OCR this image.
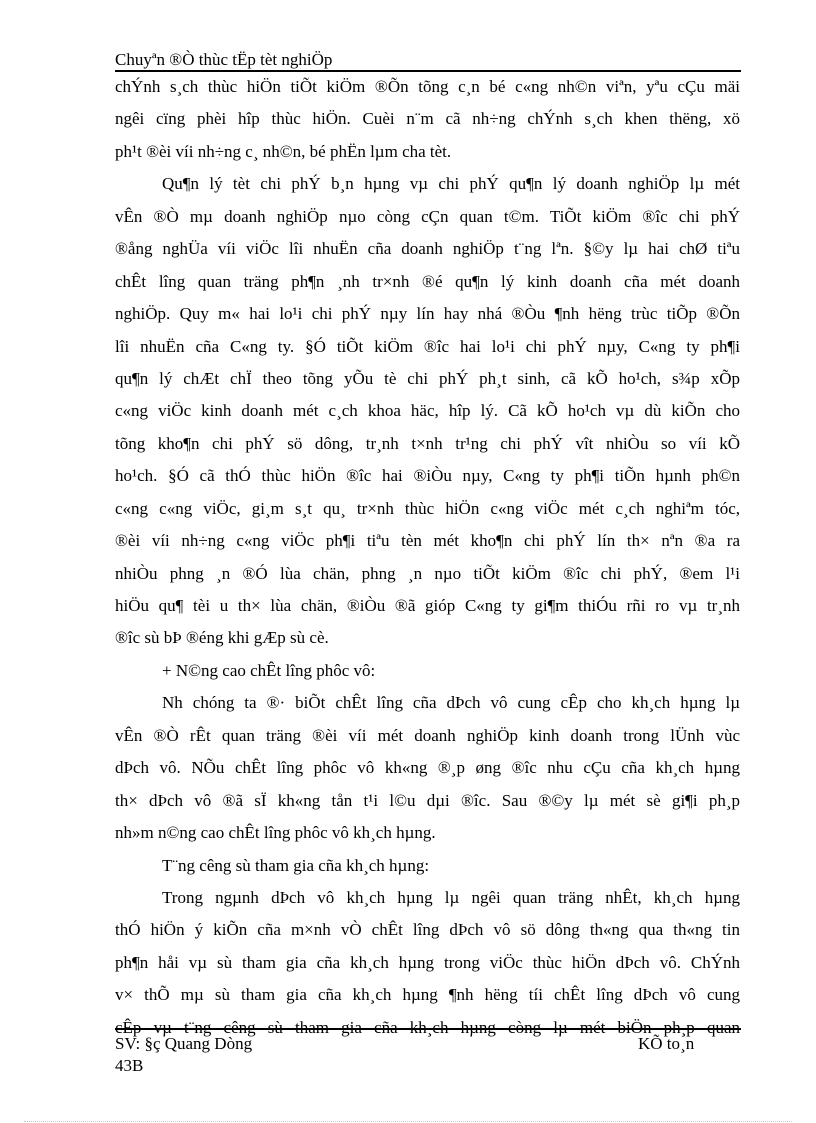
Chuyªn ®Ò thùc tËp tèt nghiÖp
chÝnh s¸ch thùc hiÖn tiÕt kiÖm ®Õn tõng c¸n bé c«ng nh©n viªn, yªu cÇu mäi
ngêi cïng phèi hîp thùc hiÖn. Cuèi n¨m cã nh÷ng chÝnh s¸ch khen thëng, xö
ph¹t ®èi víi nh÷ng c¸ nh©n, bé phËn lµm cha tèt.
Qu¶n lý tèt chi phÝ b¸n hµng vµ chi phÝ qu¶n lý doanh nghiÖp lµ mét
vÊn ®Ò mµ doanh nghiÖp nµo còng cÇn quan t©m. TiÕt kiÖm ®îc chi phÝ
®ång nghÜa víi viÖc lîi nhuËn cña doanh nghiÖp t¨ng lªn. §©y lµ hai chØ tiªu
chÊt lîng quan träng ph¶n ¸nh tr×nh ®é qu¶n lý kinh doanh cña mét doanh
nghiÖp. Quy m« hai lo¹i chi phÝ nµy lín hay nhá ®Òu ¶nh hëng trùc tiÕp ®Õn
lîi nhuËn cña C«ng ty. §Ó tiÕt kiÖm ®îc hai lo¹i chi phÝ nµy, C«ng ty ph¶i
qu¶n lý chÆt chÏ theo tõng yÕu tè chi phÝ ph¸t sinh, cã kÕ ho¹ch, s¾p xÕp
c«ng viÖc kinh doanh mét c¸ch khoa häc, hîp lý. Cã kÕ ho¹ch vµ dù kiÕn cho
tõng kho¶n chi phÝ sö dông, tr¸nh t×nh tr¹ng chi phÝ vît nhiÒu so víi kÕ
ho¹ch. §Ó cã thÓ thùc hiÖn ®îc hai ®iÒu nµy, C«ng ty ph¶i tiÕn hµnh ph©n
c«ng c«ng viÖc, gi¸m s¸t qu¸ tr×nh thùc hiÖn c«ng viÖc mét c¸ch nghiªm tóc,
®èi víi nh÷ng c«ng viÖc ph¶i tiªu tèn mét kho¶n chi phÝ lín th× nªn ®a ra
nhiÒu phng ¸n ®Ó lùa chän, phng ¸n nµo tiÕt kiÖm ®îc chi phÝ, ®em l¹i
hiÖu qu¶ tèi u th× lùa chän, ®iÒu ®ã gióp C«ng ty gi¶m thiÓu rñi ro vµ tr¸nh
®îc sù bÞ ®éng khi gÆp sù cè.
+ N©ng cao chÊt lîng phôc vô:
Nh chóng ta ®· biÕt chÊt lîng cña dÞch vô cung cÊp cho kh¸ch hµng lµ
vÊn ®Ò rÊt quan träng ®èi víi mét doanh nghiÖp kinh doanh trong lÜnh vùc
dÞch vô. NÕu chÊt lîng phôc vô kh«ng ®¸p øng ®îc nhu cÇu cña kh¸ch hµng
th× dÞch vô ®ã sÏ kh«ng tån t¹i l©u dµi ®îc. Sau ®©y lµ mét sè gi¶i ph¸p
nh»m n©ng cao chÊt lîng phôc vô kh¸ch hµng.
T¨ng cêng sù tham gia cña kh¸ch hµng:
Trong ngµnh dÞch vô kh¸ch hµng lµ ngêi quan träng nhÊt, kh¸ch hµng
thÓ hiÖn ý kiÕn cña m×nh vÒ chÊt lîng dÞch vô sö dông th«ng qua th«ng tin
ph¶n håi vµ sù tham gia cña kh¸ch hµng trong viÖc thùc hiÖn dÞch vô. ChÝnh
v× thÕ mµ sù tham gia cña kh¸ch hµng ¶nh hëng tíi chÊt lîng dÞch vô cung
cÊp vµ t¨ng cêng sù tham gia cña kh¸ch hµng còng lµ mét biÖn ph¸p quan
SV: §ç Quang Dòng
43B
KÕ to¸n
